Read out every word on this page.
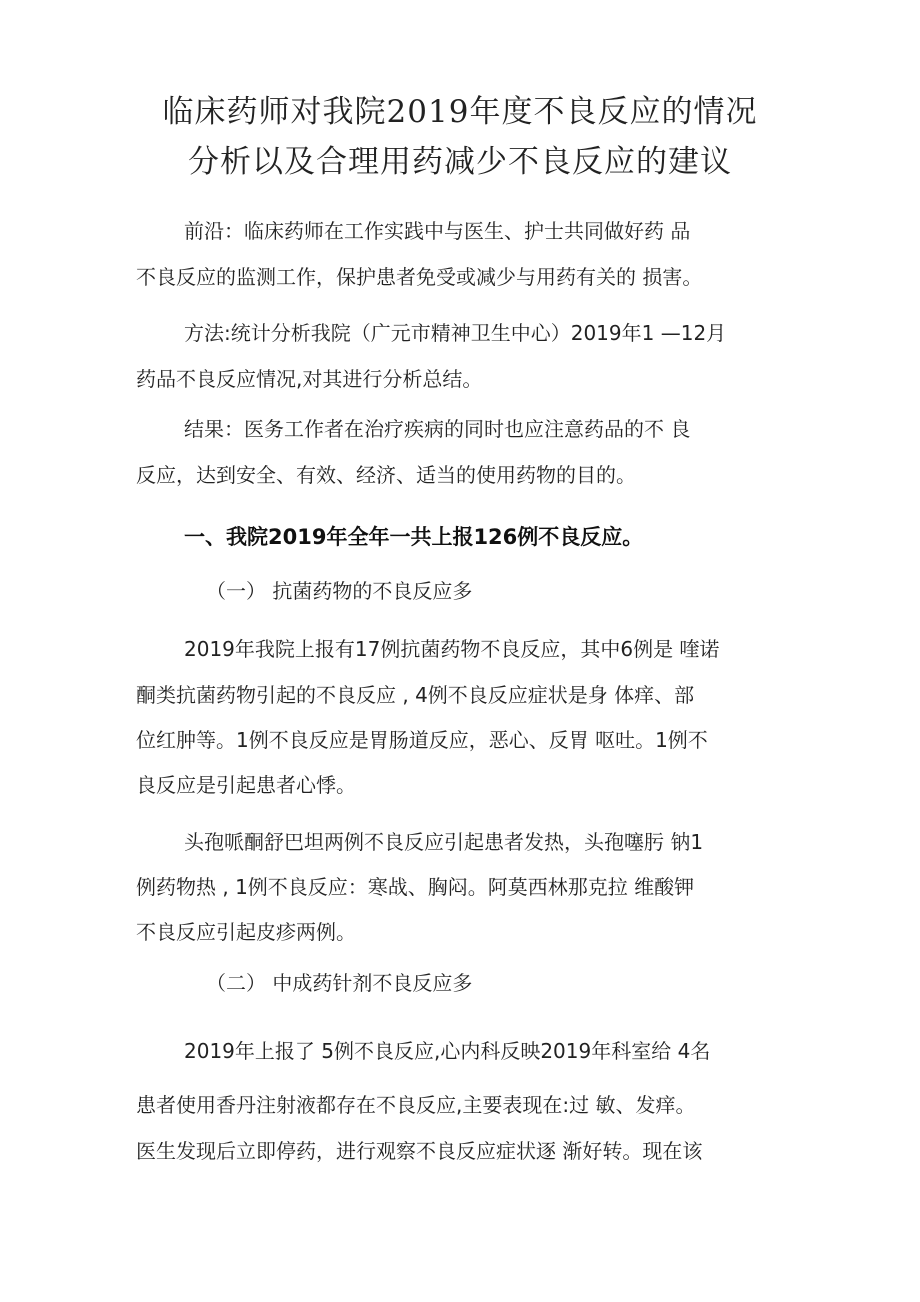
临床药师对我院2019年度不良反应的情况
分析以及合理用药减少不良反应的建议
前沿：临床药师在工作实践中与医生、护士共同做好药 品
不良反应的监测工作，保护患者免受或减少与用药有关的 损害。
方法:统计分析我院（广元市精神卫生中心）2019年1 —12月
药品不良反应情况,对其进行分析总结。
结果：医务工作者在治疗疾病的同时也应注意药品的不 良
反应，达到安全、有效、经济、适当的使用药物的目的。
一、我院2019年全年一共上报126例不良反应。
（一） 抗菌药物的不良反应多
2019年我院上报有17例抗菌药物不良反应，其中6例是 喹诺
酮类抗菌药物引起的不良反应 , 4例不良反应症状是身 体痒、部
位红肿等。1例不良反应是胃肠道反应，恶心、反胃 呕吐。1例不
良反应是引起患者心悸。
头孢哌酮舒巴坦两例不良反应引起患者发热，头孢噻肟 钠1
例药物热 , 1例不良反应：寒战、胸闷。阿莫西林那克拉 维酸钾
不良反应引起皮疹两例。
（二） 中成药针剂不良反应多
2019年上报了 5例不良反应,心内科反映2019年科室给 4名
患者使用香丹注射液都存在不良反应,主要表现在:过 敏、发痒。
医生发现后立即停药，进行观察不良反应症状逐 渐好转。现在该
